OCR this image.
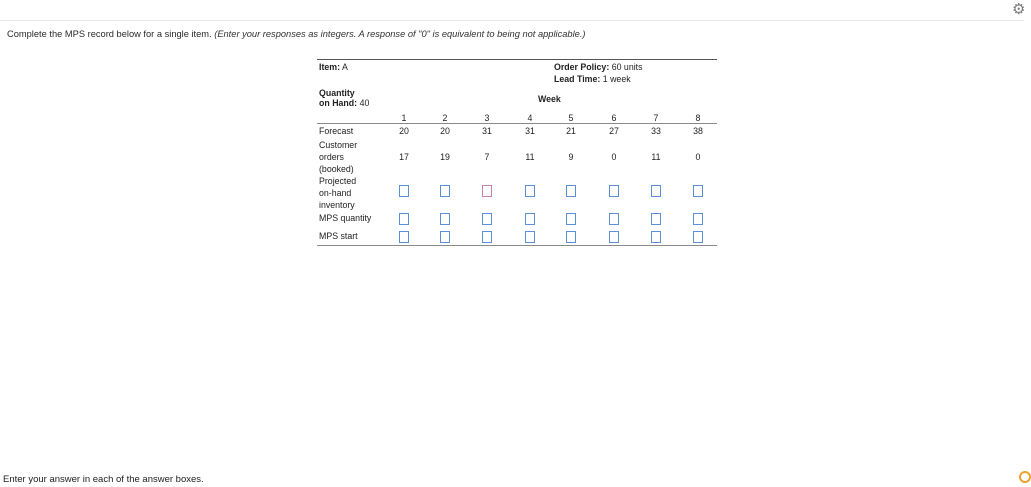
⚙
Complete the MPS record below for a single item. (Enter your responses as integers. A response of "0" is equivalent to being not applicable.)
Item: A	Order Policy: 60 units
Lead Time: 1 week
Quantity
on Hand: 40	Week
1	2	3	4	5	6	7	8
Forecast	20	20	31	31	21	27	33	38
Customer
orders
(booked)
17	19	7	11	9	0	11	0
Projected
on-hand
inventory
MPS quantity
MPS start
Enter your answer in each of the answer boxes.
